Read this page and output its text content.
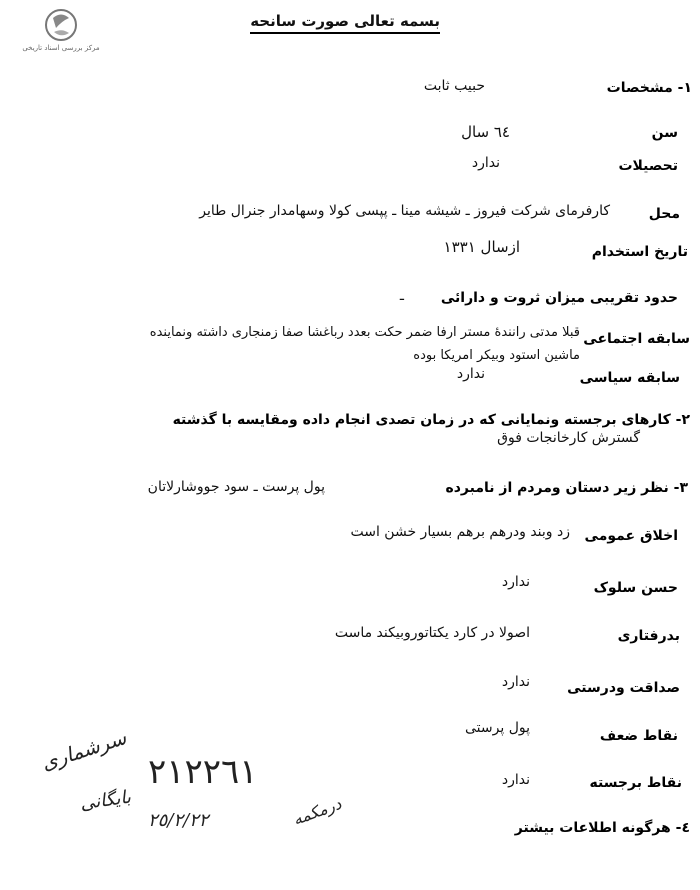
مرکز بررسی اسناد تاریخی
بسمه تعالی صورت سانحه
١- مشخصات
حبیب ثابت
سن
٦٤ سال
تحصیلات
ندارد
محل
کارفرمای شرکت فیروز ـ شیشه مینا ـ پپسی کولا وسهامدار جنرال طایر
تاریخ استخدام
ازسال ١٣٣١
حدود تقریبی میزان ثروت و دارائی
ـ
سابقه اجتماعی
قبلا مدتی رانندهٔ مستر ارفا ضمر حکت بعدد رباغشا صفا زمنجاری داشته ونماینده
ماشین استود وبیکر امریکا بوده
سابقه سیاسی
ندارد
٢- کارهای برجسته ونمایانی که در زمان تصدی انجام داده ومقایسه با گذشته
گسترش کارخانجات فوق
٣- نظر زیر دستان ومردم از نامبرده
پول پرست ـ سود جووشارلاتان
اخلاق عمومی
زد وبند ودرهم برهم بسیار خشن است
حسن سلوک
ندارد
بدرفتاری
اصولا در کارد یکتاتوروبیکند ماست
صداقت ودرستی
ندارد
نقاط ضعف
پول پرستی
نقاط برجسته
ندارد
٤- هرگونه اطلاعات بیشتر
سرشماری ٢١٢٢٦١
بایگانی
٢٥/٢/٢٢	درمکمه
